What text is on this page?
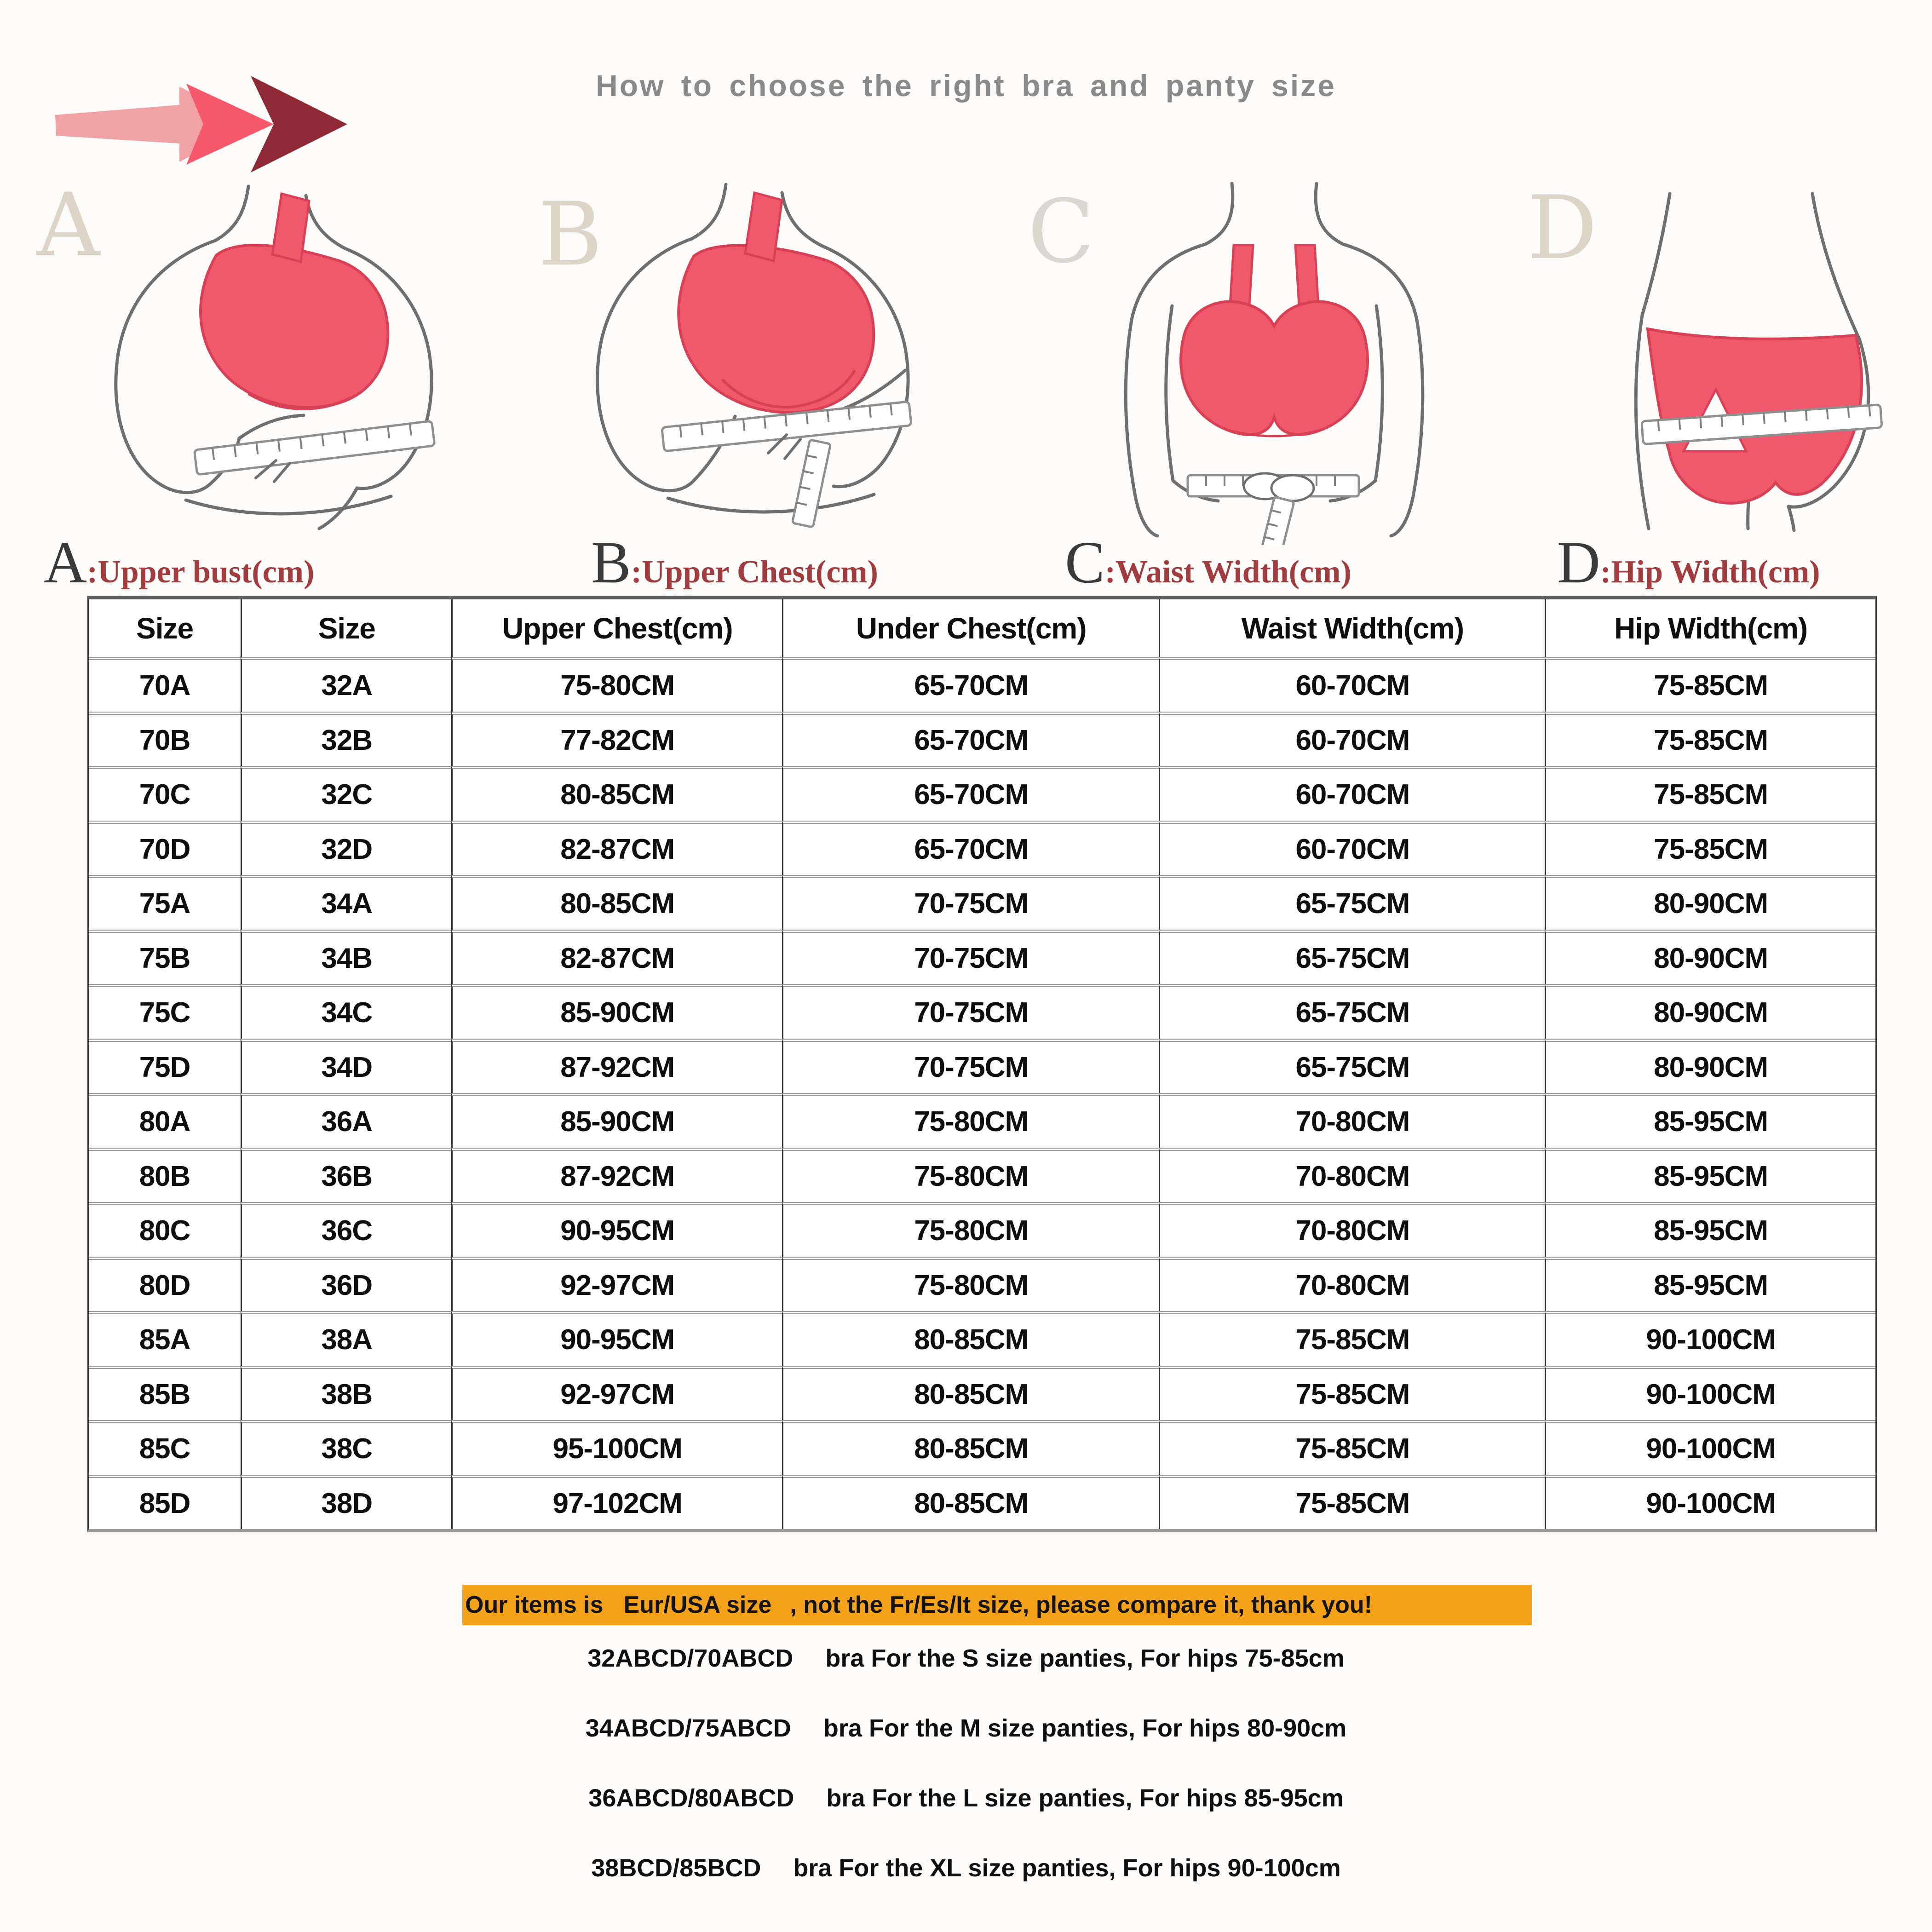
How to choose the right bra and panty size
A	B	C	D
A :Upper bust(cm)	B :Upper Chest(cm)	C :Waist Width(cm)	D :Hip Width(cm)
Size	Size	Upper Chest(cm)	Under Chest(cm)	Waist Width(cm)	Hip Width(cm)
70A	32A	75-80CM	65-70CM	60-70CM	75-85CM
70B	32B	77-82CM	65-70CM	60-70CM	75-85CM
70C	32C	80-85CM	65-70CM	60-70CM	75-85CM
70D	32D	82-87CM	65-70CM	60-70CM	75-85CM
75A	34A	80-85CM	70-75CM	65-75CM	80-90CM
75B	34B	82-87CM	70-75CM	65-75CM	80-90CM
75C	34C	85-90CM	70-75CM	65-75CM	80-90CM
75D	34D	87-92CM	70-75CM	65-75CM	80-90CM
80A	36A	85-90CM	75-80CM	70-80CM	85-95CM
80B	36B	87-92CM	75-80CM	70-80CM	85-95CM
80C	36C	90-95CM	75-80CM	70-80CM	85-95CM
80D	36D	92-97CM	75-80CM	70-80CM	85-95CM
85A	38A	90-95CM	80-85CM	75-85CM	90-100CM
85B	38B	92-97CM	80-85CM	75-85CM	90-100CM
85C	38C	95-100CM	80-85CM	75-85CM	90-100CM
85D	38D	97-102CM	80-85CM	75-85CM	90-100CM
Our items is Eur/USA size , not the Fr/Es/It size, please compare it, thank you!
32ABCD/70ABCD bra For the S size panties, For hips 75-85cm
34ABCD/75ABCD bra For the M size panties, For hips 80-90cm
36ABCD/80ABCD bra For the L size panties, For hips 85-95cm
38BCD/85BCD bra For the XL size panties, For hips 90-100cm
